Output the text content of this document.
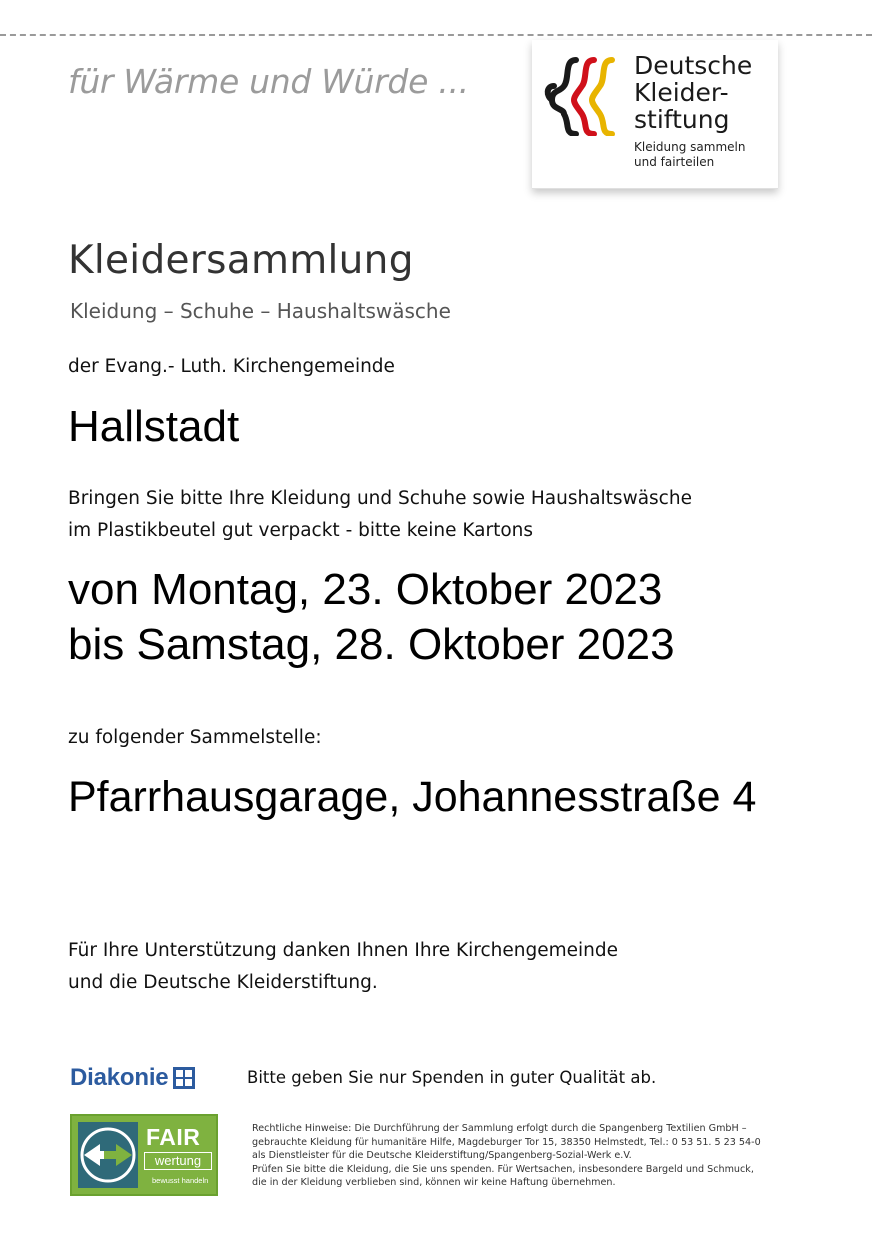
für Wärme und Würde ...	Deutsche
Kleider-
stiftung
Kleidung sammeln
und fairteilen
Kleidersammlung
Kleidung – Schuhe – Haushaltswäsche
der Evang.- Luth. Kirchengemeinde
Hallstadt
Bringen Sie bitte Ihre Kleidung und Schuhe sowie Haushaltswäsche
im Plastikbeutel gut verpackt - bitte keine Kartons
von Montag, 23. Oktober 2023
bis Samstag, 28. Oktober 2023
zu folgender Sammelstelle:
Pfarrhausgarage, Johannesstraße 4
Für Ihre Unterstützung danken Ihnen Ihre Kirchengemeinde
und die Deutsche Kleiderstiftung.
Diakonie	Bitte geben Sie nur Spenden in guter Qualität ab.
FAIR
wertung
bewusst handeln
Rechtliche Hinweise: Die Durchführung der Sammlung erfolgt durch die Spangenberg Textilien GmbH –
gebrauchte Kleidung für humanitäre Hilfe, Magdeburger Tor 15, 38350 Helmstedt, Tel.: 0 53 51. 5 23 54-0
als Dienstleister für die Deutsche Kleiderstiftung/Spangenberg-Sozial-Werk e.V.
Prüfen Sie bitte die Kleidung, die Sie uns spenden. Für Wertsachen, insbesondere Bargeld und Schmuck,
die in der Kleidung verblieben sind, können wir keine Haftung übernehmen.
